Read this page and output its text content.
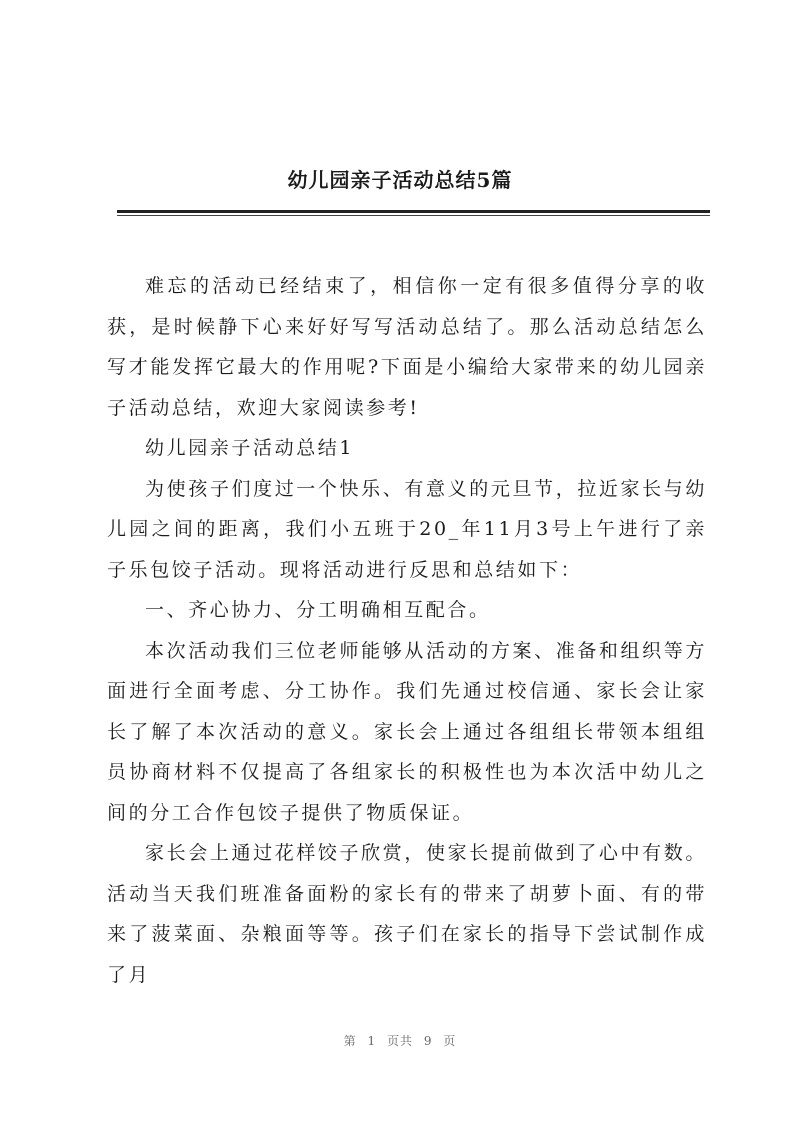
幼儿园亲子活动总结5篇

难忘的活动已经结束了，相信你一定有很多值得分享的收获，是时候静下心来好好写写活动总结了。那么活动总结怎么写才能发挥它最大的作用呢?下面是小编给大家带来的幼儿园亲子活动总结，欢迎大家阅读参考!

幼儿园亲子活动总结1

为使孩子们度过一个快乐、有意义的元旦节，拉近家长与幼儿园之间的距离，我们小五班于20_年11月3号上午进行了亲子乐包饺子活动。现将活动进行反思和总结如下：

一、齐心协力、分工明确相互配合。

本次活动我们三位老师能够从活动的方案、准备和组织等方面进行全面考虑、分工协作。我们先通过校信通、家长会让家长了解了本次活动的意义。家长会上通过各组组长带领本组组员协商材料不仅提高了各组家长的积极性也为本次活中幼儿之间的分工合作包饺子提供了物质保证。

家长会上通过花样饺子欣赏，使家长提前做到了心中有数。活动当天我们班准备面粉的家长有的带来了胡萝卜面、有的带来了菠菜面、杂粮面等等。孩子们在家长的指导下尝试制作成了月

第 1 页共 9 页
